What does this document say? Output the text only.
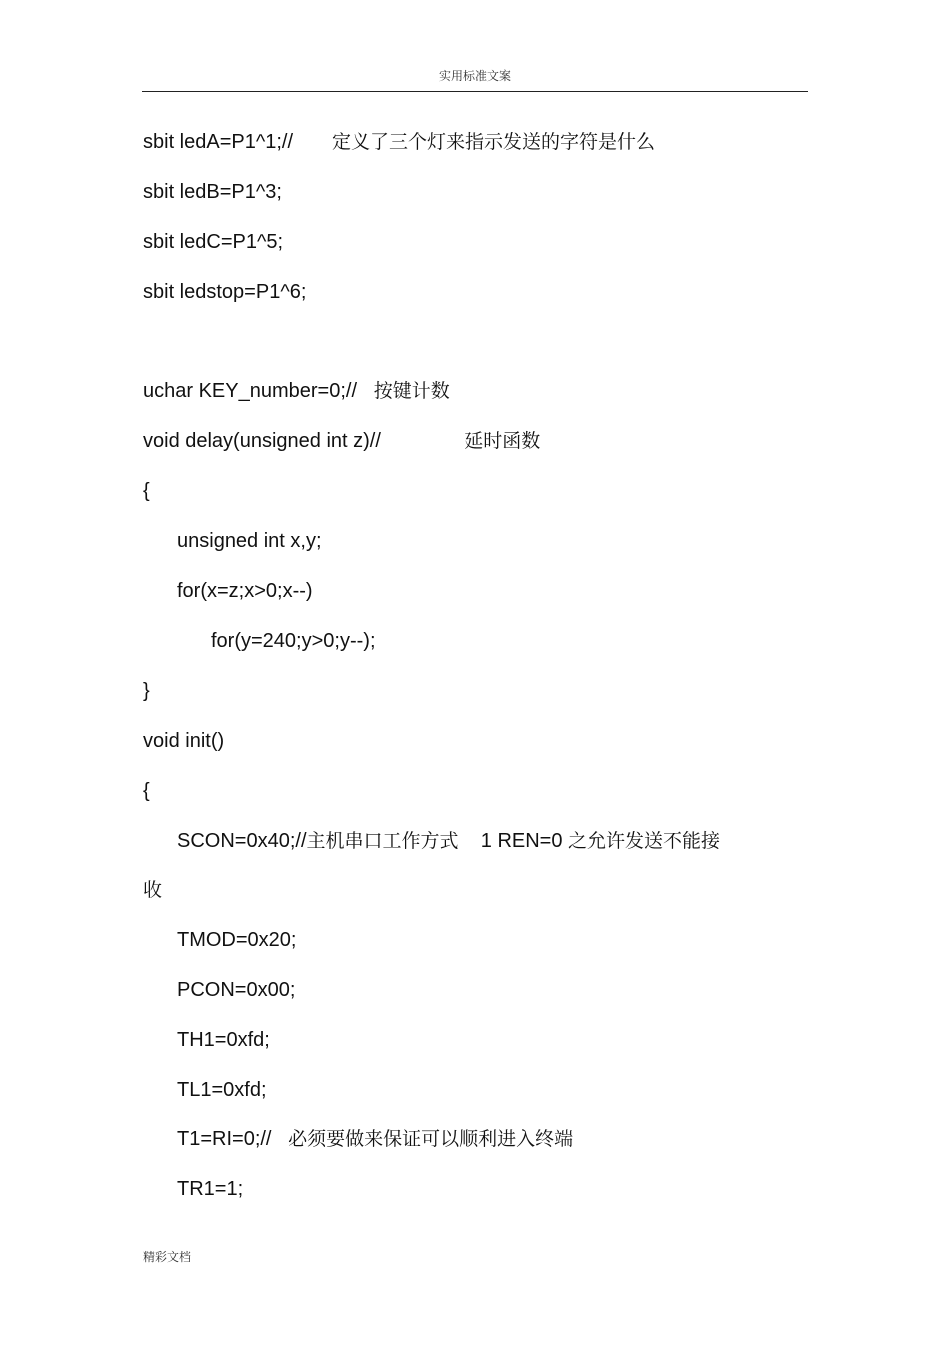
实用标准文案
sbit ledA=P1^1;// 定义了三个灯来指示发送的字符是什么
sbit ledB=P1^3;
sbit ledC=P1^5;
sbit ledstop=P1^6;
uchar KEY_number=0;// 按键计数
void delay(unsigned int z)//	延时函数
{
unsigned int x,y;
for(x=z;x>0;x--)
for(y=240;y>0;y--);
}
void init()
{
SCON=0x40;//主机串口工作方式    1 REN=0 之允许发送不能接
收
TMOD=0x20;
PCON=0x00;
TH1=0xfd;
TL1=0xfd;
T1=RI=0;// 必须要做来保证可以顺利进入终端
TR1=1;
精彩文档
